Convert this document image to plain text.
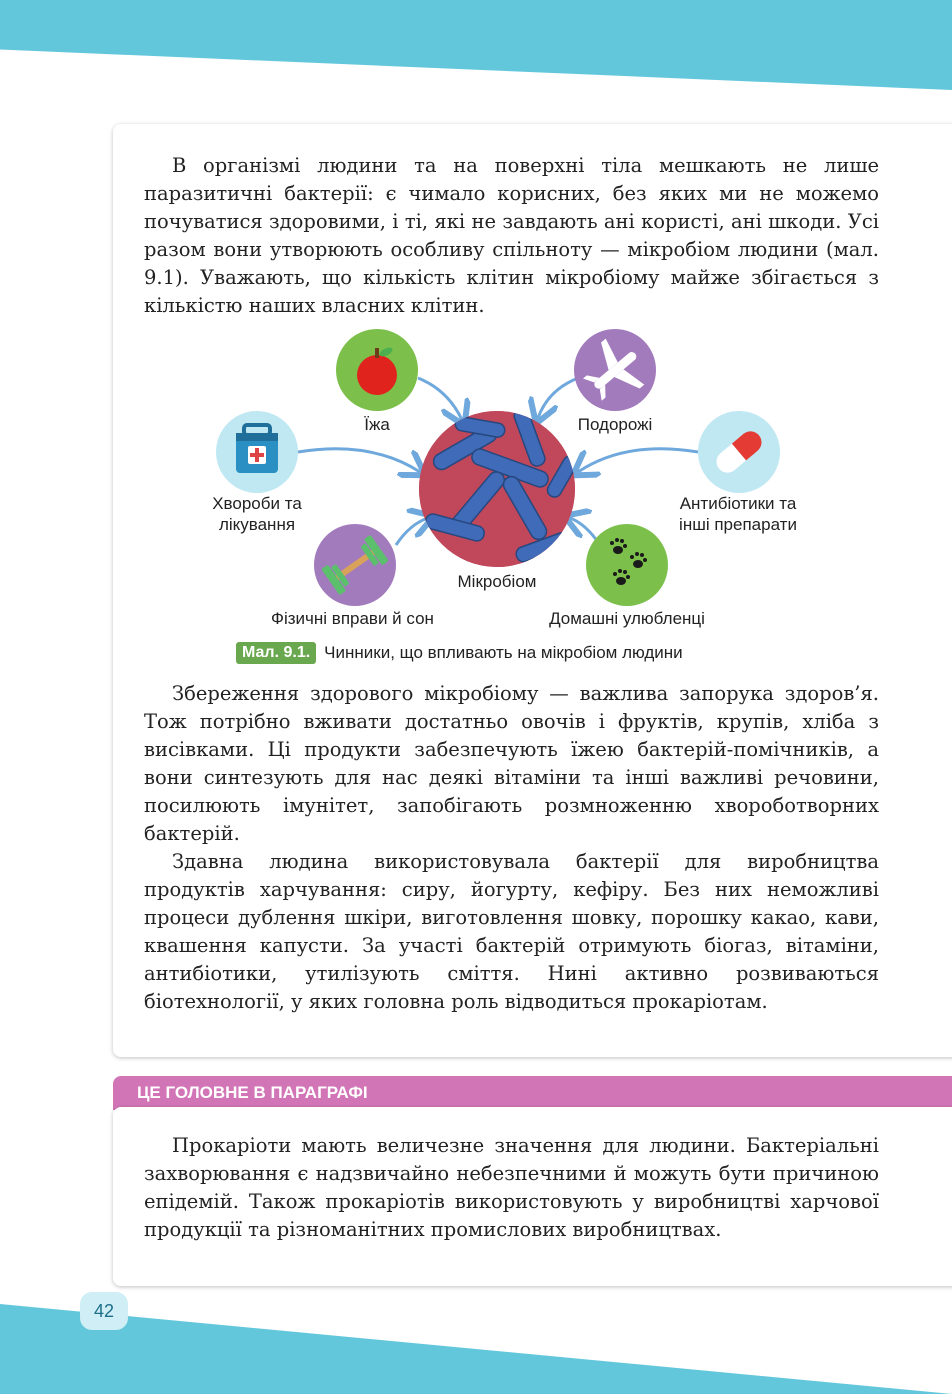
В організмі людини та на поверхні тіла мешкають не лише паразитичні бактерії: є чимало корисних, без яких ми не можемо почуватися здоровими, і ті, які не завдають ані користі, ані шкоди. Усі разом вони утворюють особливу спільноту — мікробіом людини (мал. 9.1). Уважають, що кількість клітин мікробіому майже збігається з кількістю наших власних клітин.

Їжа	Подорожі
Хвороби та
лікування
Антибіотики та
інші препарати
Мікробіом
Фізичні вправи й сон	Домашні улюбленці
Мал. 9.1. Чинники, що впливають на мікробіом людини

Збереження здорового мікробіому — важлива запорука здоров’я. Тож потрібно вживати достатньо овочів і фруктів, крупів, хліба з висівками. Ці продукти забезпечують їжею бактерій-помічників, а вони синтезують для нас деякі вітаміни та інші важливі речовини, посилюють імунітет, запобігають розмноженню хвороботворних бактерій.

Здавна людина використовувала бактерії для виробництва продуктів харчування: сиру, йогурту, кефіру. Без них неможливі процеси дублення шкіри, виготовлення шовку, порошку какао, кави, квашення капусти. За участі бактерій отримують біогаз, вітаміни, антибіотики, утилізують сміття. Нині активно розвиваються біотехнології, у яких головна роль відводиться прокаріотам.

ЦЕ ГОЛОВНЕ В ПАРАГРАФІ

Прокаріоти мають величезне значення для людини. Бактеріальні захворювання є надзвичайно небезпечними й можуть бути причиною епідемій. Також прокаріотів використовують у виробництві харчової продукції та різноманітних промислових виробництвах.

42
